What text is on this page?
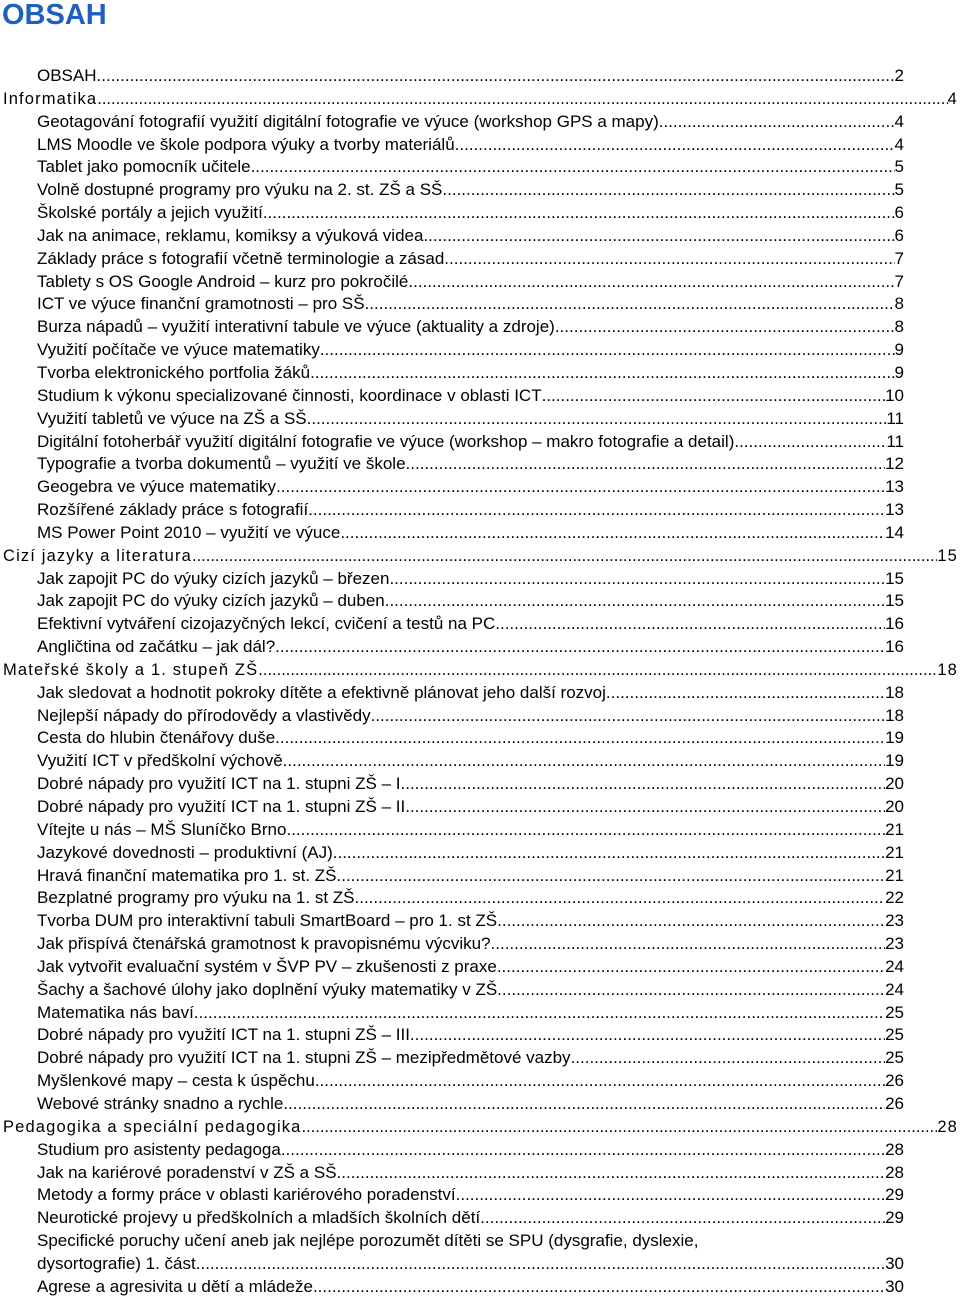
OBSAH
OBSAH .....	2
Informatika .....	4
Geotagování fotografií využití digitální fotografie ve výuce (workshop GPS a mapy) .....	4
LMS Moodle ve škole podpora výuky a tvorby materiálů .....	4
Tablet jako pomocník učitele .....	5
Volně dostupné programy pro výuku na 2. st. ZŠ a SŠ .....	5
Školské portály a jejich využití .....	6
Jak na animace, reklamu, komiksy a výuková videa .....	6
Základy práce s fotografií včetně terminologie a zásad .....	7
Tablety s OS Google Android – kurz pro pokročilé .....	7
ICT ve výuce finanční gramotnosti – pro SŠ .....	8
Burza nápadů – využití interativní tabule ve výuce (aktuality a zdroje) .....	8
Využití počítače ve výuce matematiky .....	9
Tvorba elektronického portfolia žáků .....	9
Studium k výkonu specializované činnosti, koordinace v oblasti ICT .....	10
Využití tabletů ve výuce na ZŠ a SŠ .....	11
Digitální fotoherbář využití digitální fotografie ve výuce (workshop – makro fotografie a detail) .....	11
Typografie a tvorba dokumentů – využití ve škole .....	12
Geogebra ve výuce matematiky .....	13
Rozšířené základy práce s fotografií .....	13
MS Power Point 2010 – využití ve výuce .....	14
Cizí jazyky a literatura .....	15
Jak zapojit PC do výuky cizích jazyků – březen .....	15
Jak zapojit PC do výuky cizích jazyků – duben .....	15
Efektivní vytváření cizojazyčných lekcí, cvičení a testů na PC .....	16
Angličtina od začátku – jak dál? .....	16
Mateřské školy a 1. stupeň ZŠ .....	18
Jak sledovat a hodnotit pokroky dítěte a efektivně plánovat jeho další rozvoj .....	18
Nejlepší nápady do přírodovědy a vlastivědy .....	18
Cesta do hlubin čtenářovy duše .....	19
Využití ICT v předškolní výchově .....	19
Dobré nápady pro využití ICT na 1. stupni ZŠ – I. .....	20
Dobré nápady pro využití ICT na 1. stupni ZŠ – II. .....	20
Vítejte u nás – MŠ Sluníčko Brno .....	21
Jazykové dovednosti – produktivní (AJ) .....	21
Hravá finanční matematika pro 1. st. ZŠ .....	21
Bezplatné programy pro výuku na 1. st ZŠ .....	22
Tvorba DUM pro interaktivní tabuli SmartBoard – pro 1. st ZŠ .....	23
Jak přispívá čtenářská gramotnost k pravopisnému výcviku? .....	23
Jak vytvořit evaluační systém v ŠVP PV – zkušenosti z praxe .....	24
Šachy a šachové úlohy jako doplnění výuky matematiky v ZŠ .....	24
Matematika nás baví .....	25
Dobré nápady pro využití ICT na 1. stupni ZŠ – III. .....	25
Dobré nápady pro využití ICT na 1. stupni ZŠ – mezipředmětové vazby .....	25
Myšlenkové mapy – cesta k úspěchu .....	26
Webové stránky snadno a rychle .....	26
Pedagogika a speciální pedagogika .....	28
Studium pro asistenty pedagoga .....	28
Jak na kariérové poradenství v ZŠ a SŠ .....	28
Metody a formy práce v oblasti kariérového poradenství .....	29
Neurotické projevy u předškolních a mladších školních dětí .....	29
Specifické poruchy učení aneb jak nejlépe porozumět dítěti se SPU (dysgrafie, dyslexie,
dysortografie) 1. část .....	30
Agrese a agresivita u dětí a mládeže .....	30
